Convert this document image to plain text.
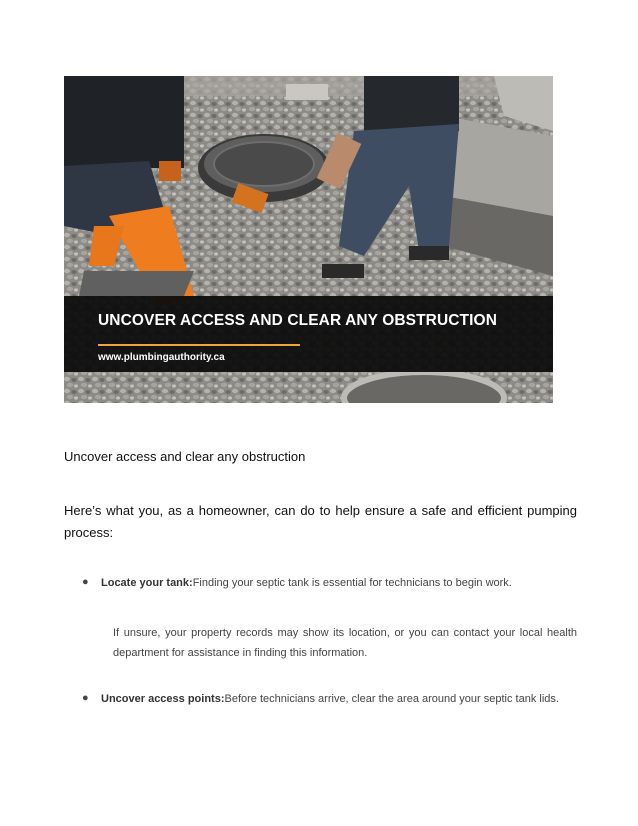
UNCOVER ACCESS AND CLEAR ANY OBSTRUCTION
www.plumbingauthority.ca
Uncover access and clear any obstruction
Here’s what you, as a homeowner, can do to help ensure a safe and efficient pumping process:
● Locate your tank:Finding your septic tank is essential for technicians to begin work.
If unsure, your property records may show its location, or you can contact your local health department for assistance in finding this information.
● Uncover access points:Before technicians arrive, clear the area around your septic tank lids.
